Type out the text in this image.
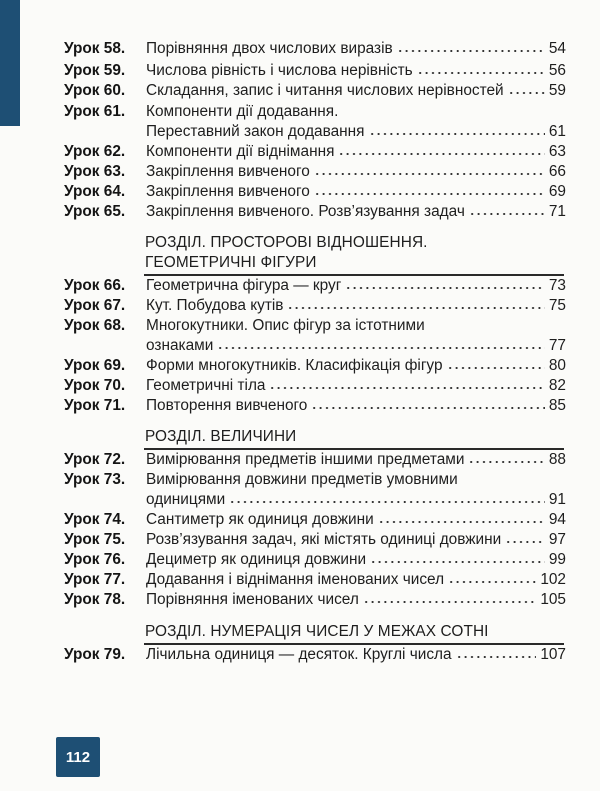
Урок 58. Порівняння двох числових виразів	54
Урок 59. Числова рівність і числова нерівність	56
Урок 60. Складання, запис і читання числових нерівностей	59
Урок 61. Компоненти дії додавання.
Переставний закон додавання	61
Урок 62. Компоненти дії віднімання	63
Урок 63. Закріплення вивченого	66
Урок 64. Закріплення вивченого	69
Урок 65. Закріплення вивченого. Розв’язування задач	71
РОЗДІЛ. ПРОСТОРОВІ ВІДНОШЕННЯ.
ГЕОМЕТРИЧНІ ФІГУРИ
Урок 66. Геометрична фігура — круг	73
Урок 67. Кут. Побудова кутів	75
Урок 68. Многокутники. Опис фігур за істотними
ознаками	77
Урок 69. Форми многокутників. Класифікація фігур	80
Урок 70. Геометричні тіла	82
Урок 71. Повторення вивченого	85
РОЗДІЛ. ВЕЛИЧИНИ
Урок 72. Вимірювання предметів іншими предметами	88
Урок 73. Вимірювання довжини предметів умовними
одиницями	91
Урок 74. Сантиметр як одиниця довжини	94
Урок 75. Розв’язування задач, які містять одиниці довжини	97
Урок 76. Дециметр як одиниця довжини	99
Урок 77. Додавання і віднімання іменованих чисел	102
Урок 78. Порівняння іменованих чисел	105
РОЗДІЛ. НУМЕРАЦІЯ ЧИСЕЛ У МЕЖАХ СОТНІ
Урок 79. Лічильна одиниця — десяток. Круглі числа	107
112
